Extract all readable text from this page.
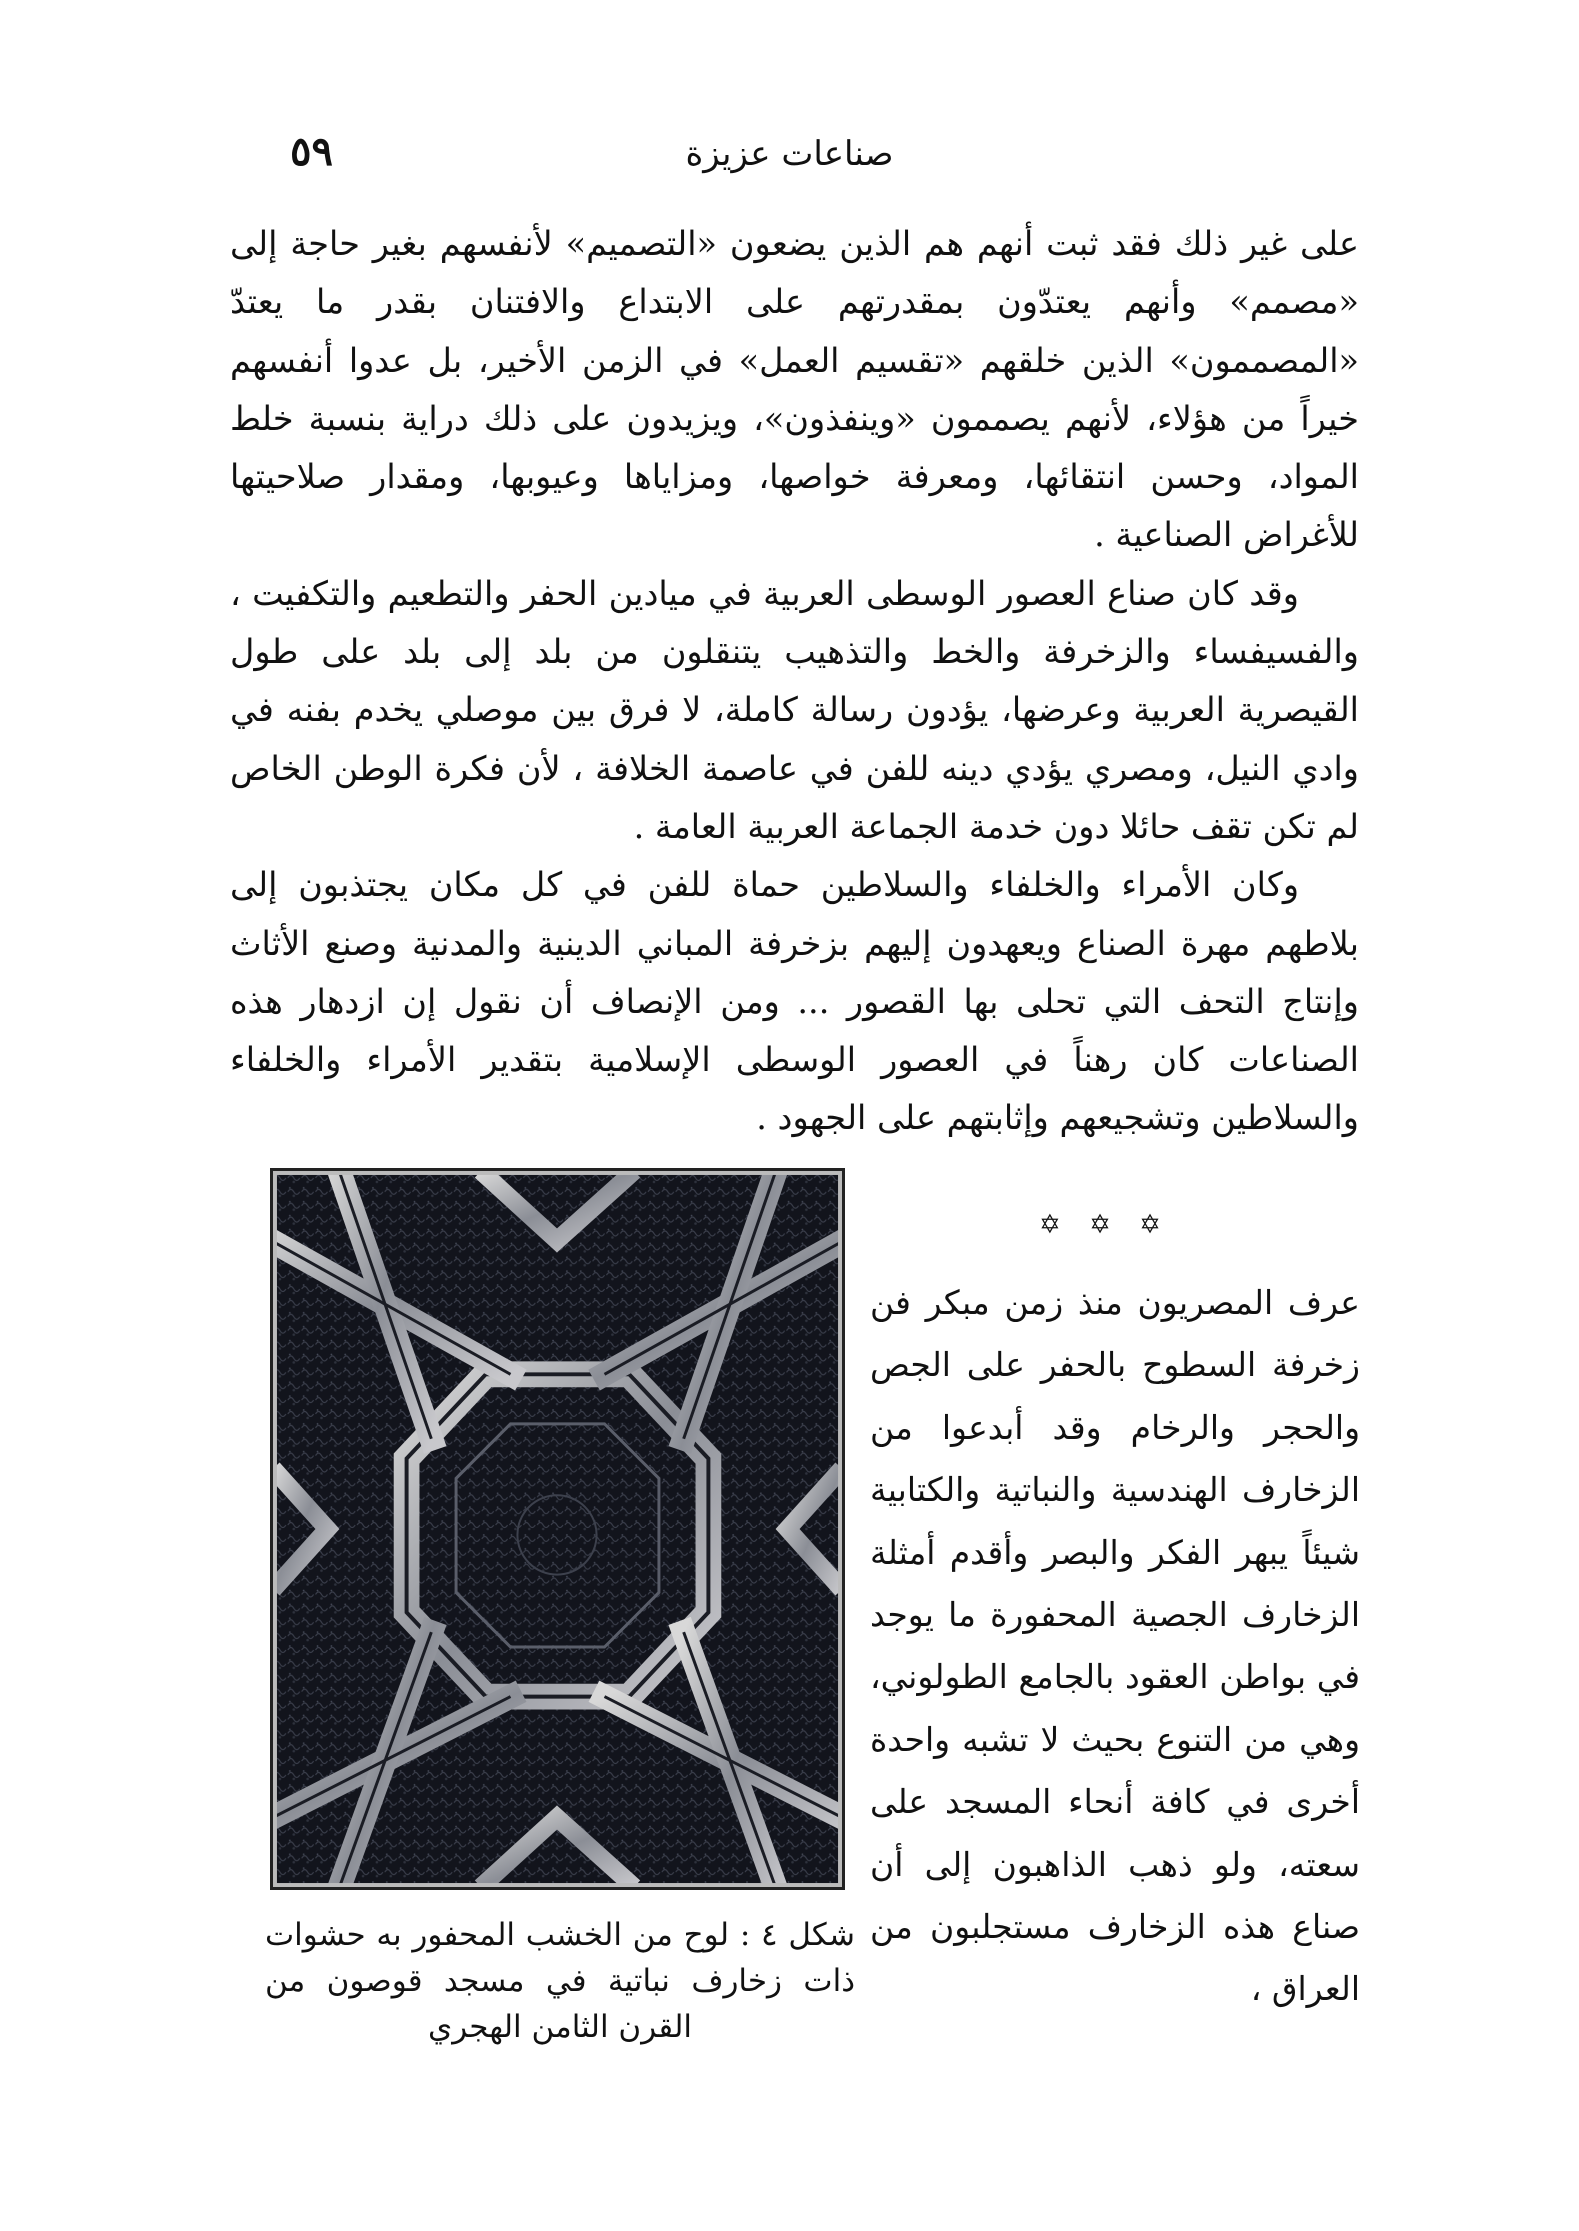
صناعات عزيزة
٥٩

على غير ذلك فقد ثبت أنهم هم الذين يضعون «التصميم» لأنفسهم بغير حاجة إلى «مصمم» وأنهم يعتدّون بمقدرتهم على الابتداع والافتنان بقدر ما يعتدّ «المصممون» الذين خلقهم «تقسيم العمل» في الزمن الأخير، بل عدوا أنفسهم خيراً من هؤلاء، لأنهم يصممون «وينفذون»، ويزيدون على ذلك دراية بنسبة خلط المواد، وحسن انتقائها، ومعرفة خواصها، ومزاياها وعيوبها، ومقدار صلاحيتها للأغراض الصناعية .

وقد كان صناع العصور الوسطى العربية في ميادين الحفر والتطعيم والتكفيت ، والفسيفساء والزخرفة والخط والتذهيب يتنقلون من بلد إلى بلد على طول القيصرية العربية وعرضها، يؤدون رسالة كاملة، لا فرق بين موصلي يخدم بفنه في وادي النيل، ومصري يؤدي دينه للفن في عاصمة الخلافة ، لأن فكرة الوطن الخاص لم تكن تقف حائلا دون خدمة الجماعة العربية العامة .

وكان الأمراء والخلفاء والسلاطين حماة للفن في كل مكان يجتذبون إلى بلاطهم مهرة الصناع ويعهدون إليهم بزخرفة المباني الدينية والمدنية وصنع الأثاث وإنتاج التحف التي تحلى بها القصور ... ومن الإنصاف أن نقول إن ازدهار هذه الصناعات كان رهناً في العصور الوسطى الإسلامية بتقدير الأمراء والخلفاء والسلاطين وتشجيعهم وإثابتهم على الجهود .

✡ ✡ ✡

عرف المصريون منذ زمن مبكر فن زخرفة السطوح بالحفر على الجص والحجر والرخام وقد أبدعوا من الزخارف الهندسية والنباتية والكتابية شيئاً يبهر الفكر والبصر وأقدم أمثلة الزخارف الجصية المحفورة ما يوجد في بواطن العقود بالجامع الطولوني، وهي من التنوع بحيث لا تشبه واحدة أخرى في كافة أنحاء المسجد على سعته، ولو ذهب الذاهبون إلى أن صناع هذه الزخارف مستجلبون من العراق ،

شكل ٤ : لوح من الخشب المحفور به حشوات ذات زخارف نباتية في مسجد قوصون من القرن الثامن الهجري
